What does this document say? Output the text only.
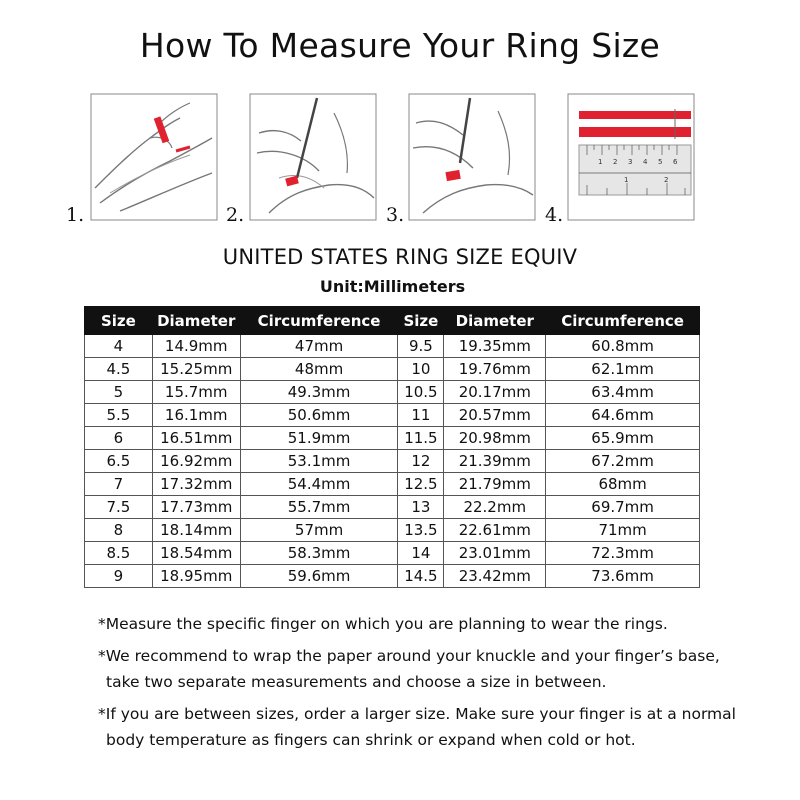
How To Measure Your Ring Size
1.	2.	3.	4.
1 2 3 4 5 6
1	2
UNITED STATES RING SIZE EQUIV
Unit:Millimeters
Size	Diameter	Circumference	Size	Diameter	Circumference
4	14.9mm	47mm	9.5	19.35mm	60.8mm
4.5	15.25mm	48mm	10	19.76mm	62.1mm
5	15.7mm	49.3mm	10.5	20.17mm	63.4mm
5.5	16.1mm	50.6mm	11	20.57mm	64.6mm
6	16.51mm	51.9mm	11.5	20.98mm	65.9mm
6.5	16.92mm	53.1mm	12	21.39mm	67.2mm
7	17.32mm	54.4mm	12.5	21.79mm	68mm
7.5	17.73mm	55.7mm	13	22.2mm	69.7mm
8	18.14mm	57mm	13.5	22.61mm	71mm
8.5	18.54mm	58.3mm	14	23.01mm	72.3mm
9	18.95mm	59.6mm	14.5	23.42mm	73.6mm

*Measure the specific finger on which you are planning to wear the rings.

*We recommend to wrap the paper around your knuckle and your finger’s base,

take two separate measurements and choose a size in between.

*If you are between sizes, order a larger size. Make sure your finger is at a normal

body temperature as fingers can shrink or expand when cold or hot.
